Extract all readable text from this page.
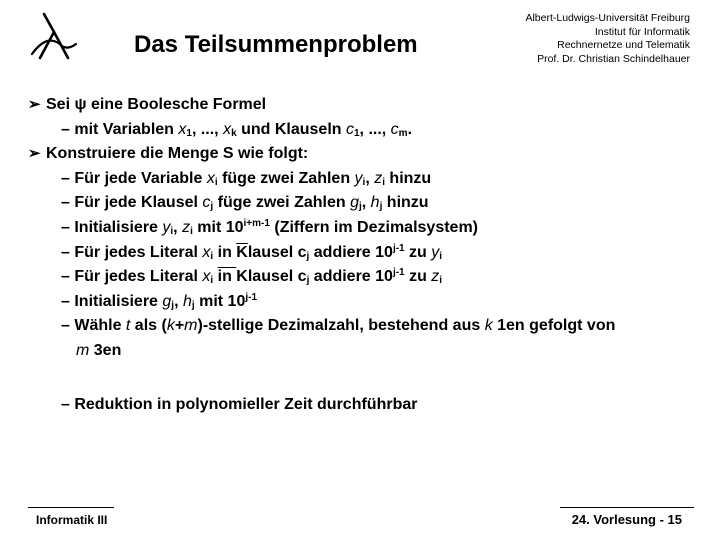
Das Teilsummenproblem
Albert-Ludwigs-Universität Freiburg
Institut für Informatik
Rechnernetze und Telematik
Prof. Dr. Christian Schindelhauer
➢ Sei ψ eine Boolesche Formel
– mit Variablen $x_1$, ..., $x_k$ und Klauseln $c_1$, ..., $c_m$.
➢ Konstruiere die Menge S wie folgt:
– Für jede Variable $x_i$ füge zwei Zahlen $y_i$, $z_i$ hinzu
– Für jede Klausel $c_j$ füge zwei Zahlen $g_j$, $h_j$ hinzu
– Initialisiere $y_i$, $z_i$ mit $10^{i+m-1}$ (Ziffern im Dezimalsystem)
– Für jedes Literal $x_i$ in $\overline{K}lausel$ $c_j$ addiere 10$^{j-1}$ zu $y_i$
– Für jedes Literal $x_i$ in Klausel $c_j$ addiere 10$^{j-1}$ zu $z_i$
– Initialisiere $g_j$, $h_j$ mit 10$^{j-1}$
– Wähle t als (k+m)-stellige Dezimalzahl, bestehend aus k 1en gefolgt von
m 3en
– Reduktion in polynomieller Zeit durchführbar
Informatik III	24. Vorlesung - 15
